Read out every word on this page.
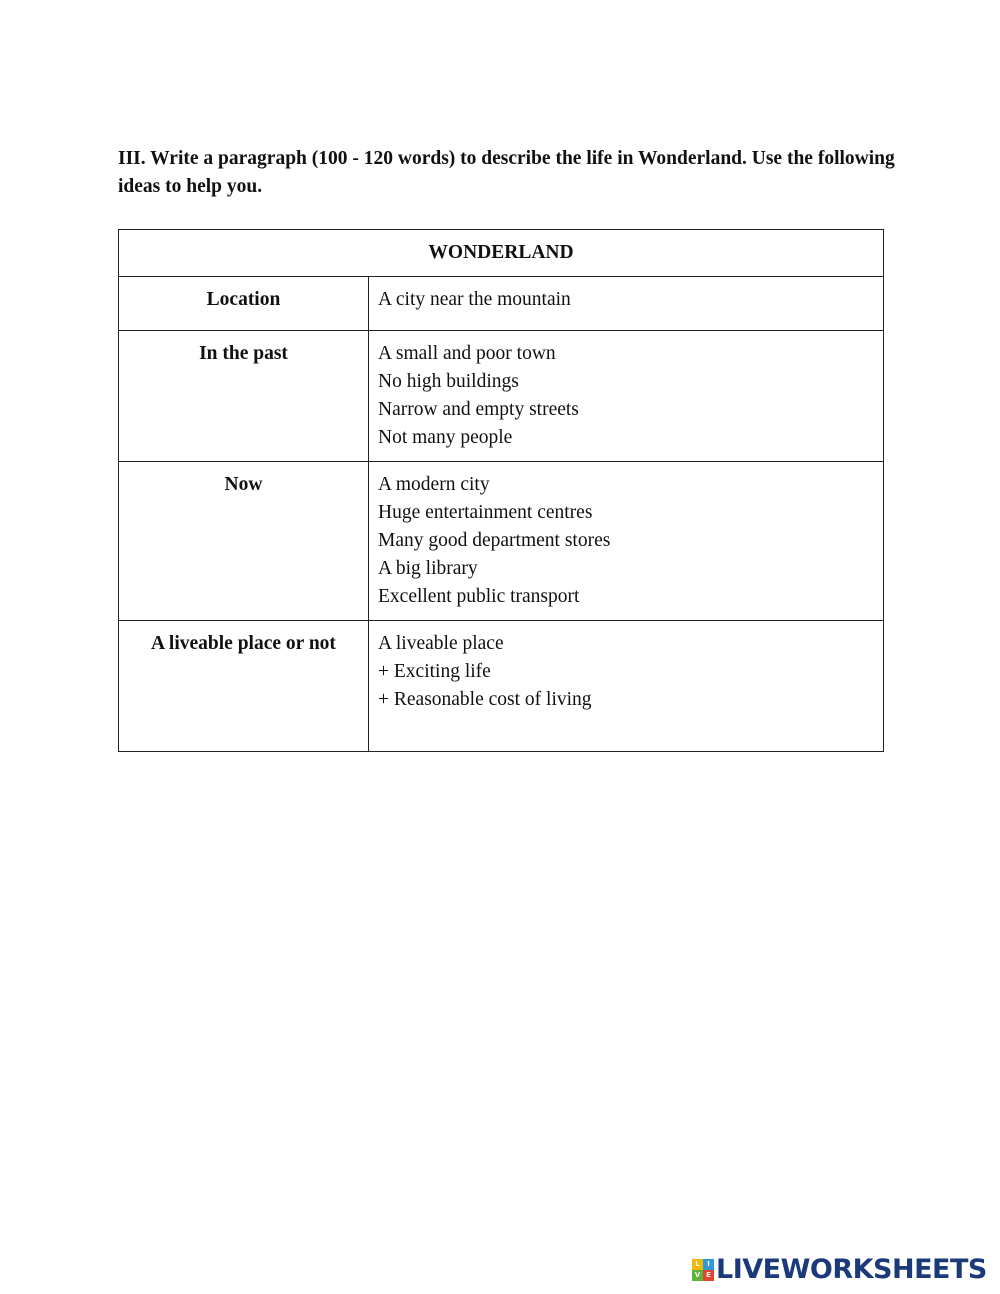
III. Write a paragraph (100 - 120 words) to describe the life in Wonderland. Use the following ideas to help you.

WONDERLAND	

Location	A city near the mountain

In the past	A small and poor town
No high buildings
Narrow and empty streets
Not many people

Now	A modern city
Huge entertainment centres
Many good department stores
A big library
Excellent public transport

A liveable place or not	A liveable place
+ Exciting life
+ Reasonable cost of living
L	I
V E LIVEWORKSHEETS
